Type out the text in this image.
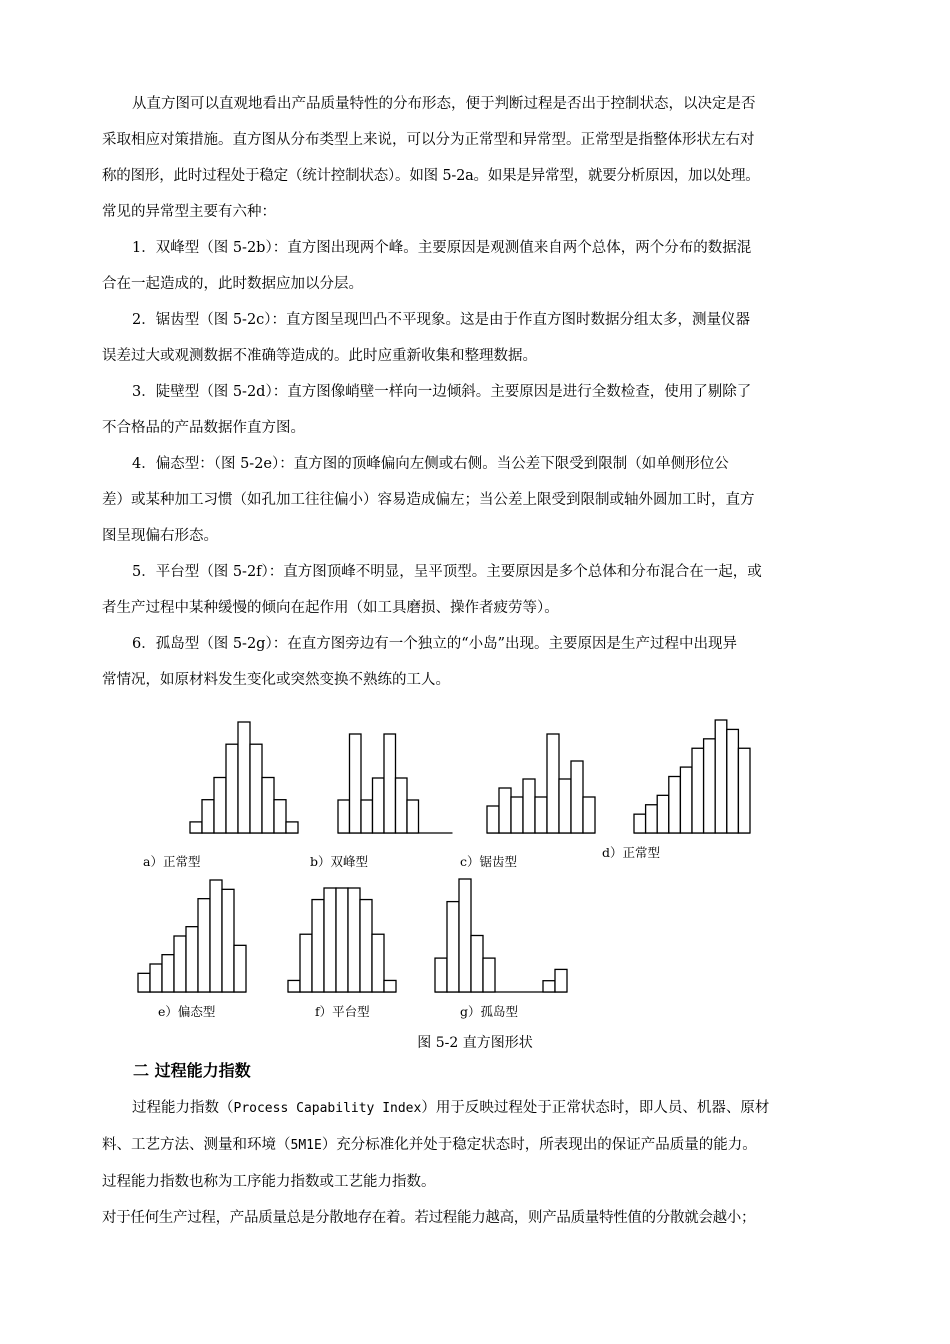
从直方图可以直观地看出产品质量特性的分布形态，便于判断过程是否出于控制状态，以决定是否
采取相应对策措施。直方图从分布类型上来说，可以分为正常型和异常型。正常型是指整体形状左右对
称的图形，此时过程处于稳定（统计控制状态）。如图 5-2a。如果是异常型，就要分析原因，加以处理。
常见的异常型主要有六种：
1．双峰型（图 5-2b）：直方图出现两个峰。主要原因是观测值来自两个总体，两个分布的数据混
合在一起造成的，此时数据应加以分层。
2．锯齿型（图 5-2c）：直方图呈现凹凸不平现象。这是由于作直方图时数据分组太多，测量仪器
误差过大或观测数据不准确等造成的。此时应重新收集和整理数据。
3．陡壁型（图 5-2d）：直方图像峭壁一样向一边倾斜。主要原因是进行全数检查，使用了剔除了
不合格品的产品数据作直方图。
4．偏态型：（图 5-2e）：直方图的顶峰偏向左侧或右侧。当公差下限受到限制（如单侧形位公
差）或某种加工习惯（如孔加工往往偏小）容易造成偏左；当公差上限受到限制或轴外圆加工时，直方
图呈现偏右形态。
5．平台型（图 5-2f）：直方图顶峰不明显，呈平顶型。主要原因是多个总体和分布混合在一起，或
者生产过程中某种缓慢的倾向在起作用（如工具磨损、操作者疲劳等）。
6．孤岛型（图 5-2g）：在直方图旁边有一个独立的“小岛”出现。主要原因是生产过程中出现异
常情况，如原材料发生变化或突然变换不熟练的工人。
a）正常型	b）双峰型	c）锯齿型
d）正常型
e）偏态型	f）平台型	g）孤岛型
图 5-2 直方图形状
二 过程能力指数
过程能力指数（Process Capability Index）用于反映过程处于正常状态时，即人员、机器、原材
料、工艺方法、测量和环境（5M1E）充分标准化并处于稳定状态时，所表现出的保证产品质量的能力。
过程能力指数也称为工序能力指数或工艺能力指数。
对于任何生产过程，产品质量总是分散地存在着。若过程能力越高，则产品质量特性值的分散就会越小；
